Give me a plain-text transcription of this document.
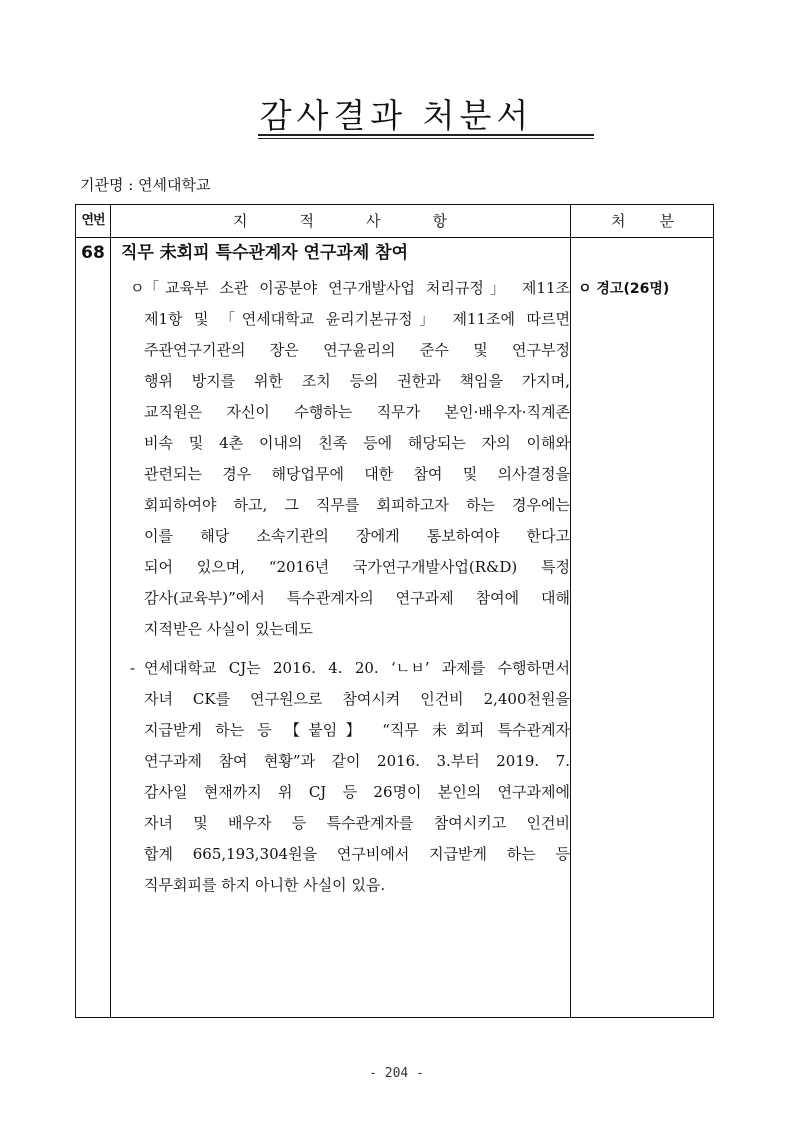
감사결과 처분서
기관명 : 연세대학교
연번	지적사항	처분
68 직무 未회피 특수관계자 연구과제 참여
ㅇ 「교육부 소관 이공분야 연구개발사업 처리규정」 제11조
제1항 및 「연세대학교 윤리기본규정」 제11조에 따르면
주관연구기관의 장은 연구윤리의 준수 및 연구부정
행위 방지를 위한 조치 등의 권한과 책임을 가지며,
교직원은 자신이 수행하는 직무가 본인·배우자·직계존
비속 및 4촌 이내의 친족 등에 해당되는 자의 이해와
관련되는 경우 해당업무에 대한 참여 및 의사결정을
회피하여야 하고, 그 직무를 회피하고자 하는 경우에는
이를 해당 소속기관의 장에게 통보하여야 한다고
되어 있으며, “2016년 국가연구개발사업(R&D) 특정
감사(교육부)”에서 특수관계자의 연구과제 참여에 대해
지적받은 사실이 있는데도
- 연세대학교 CJ는 2016. 4. 20. ‘ㄴㅂ’ 과제를 수행하면서
자녀 CK를 연구원으로 참여시켜 인건비 2,400천원을
지급받게 하는 등 【붙임】 “직무 未회피 특수관계자
연구과제 참여 현황”과 같이 2016. 3.부터 2019. 7.
감사일 현재까지 위 CJ 등 26명이 본인의 연구과제에
자녀 및 배우자 등 특수관계자를 참여시키고 인건비
합계 665,193,304원을 연구비에서 지급받게 하는 등
직무회피를 하지 아니한 사실이 있음.
ㅇ 경고(26명)
- 204 -
